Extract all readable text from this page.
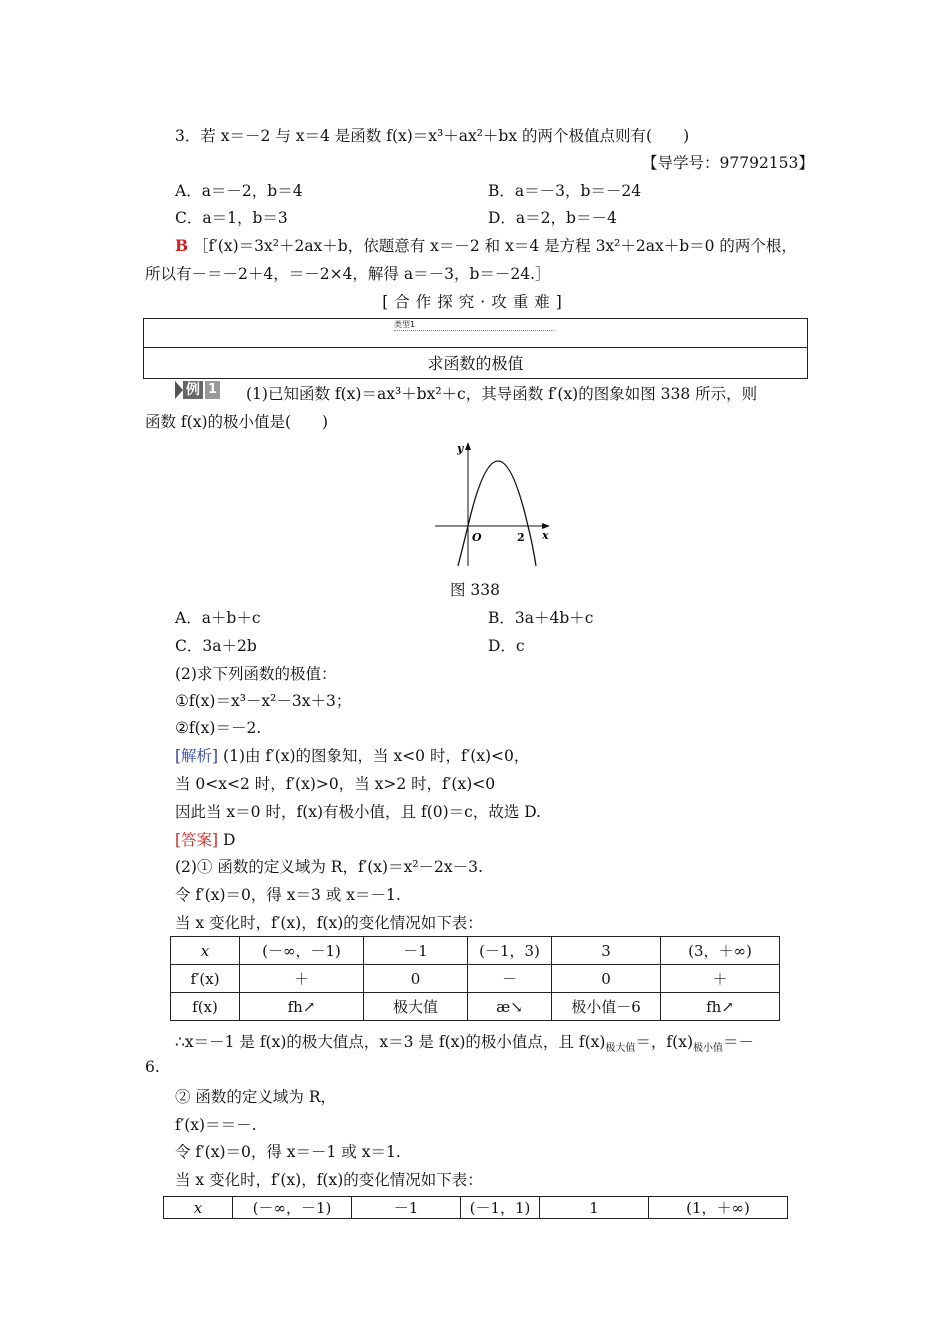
3．若 x＝－2 与 x＝4 是函数 f(x)＝x³＋ax²＋bx 的两个极值点则有(　　)
【导学号：97792153】
A．a＝－2，b＝4	B．a＝－3，b＝－24
C．a＝1，b＝3	D．a＝2，b＝－4
B ［f′(x)＝3x²＋2ax＋b，依题意有 x＝－2 和 x＝4 是方程 3x²＋2ax＋b＝0 的两个根，
所以有－＝－2＋4，＝－2×4，解得 a＝－3，b＝－24.］
[合作探究·攻重难]
类型1
求函数的极值
例 1 (1)已知函数 f(x)＝ax³＋bx²＋c，其导函数 f′(x)的图象如图 338 所示，则
函数 f(x)的极小值是(　　)
y
x
O	2
图 338
A．a＋b＋c	B．3a＋4b＋c
C．3a＋2b	D．c
(2)求下列函数的极值：
①f(x)＝x³－x²－3x＋3；
②f(x)＝－2.
[解析] (1)由 f′(x)的图象知，当 x<0 时，f′(x)<0，
当 0<x<2 时，f′(x)>0，当 x>2 时，f′(x)<0
因此当 x＝0 时，f(x)有极小值，且 f(0)＝c，故选 D.
[答案] D
(2)① 函数的定义域为 R，f′(x)＝x²－2x－3.
令 f′(x)＝0，得 x＝3 或 x＝－1.
当 x 变化时，f′(x)，f(x)的变化情况如下表：
x	(－∞，－1)	－1	(－1，3)	3	(3，＋∞)
f′(x)	＋	0	－	0	＋
f(x)	fh↗	极大值	æ↘	极小值－6	fh↗
∴x＝－1 是 f(x)的极大值点，x＝3 是 f(x)的极小值点，且 $f(x)_{极大值}=$，$f(x)_{极小值}=-$
6.
② 函数的定义域为 R，
f′(x)＝＝－.
令 f′(x)＝0，得 x＝－1 或 x＝1.
当 x 变化时，f′(x)，f(x)的变化情况如下表：
x	(－∞，－1)	－1	(－1，1)	1	(1，＋∞)
